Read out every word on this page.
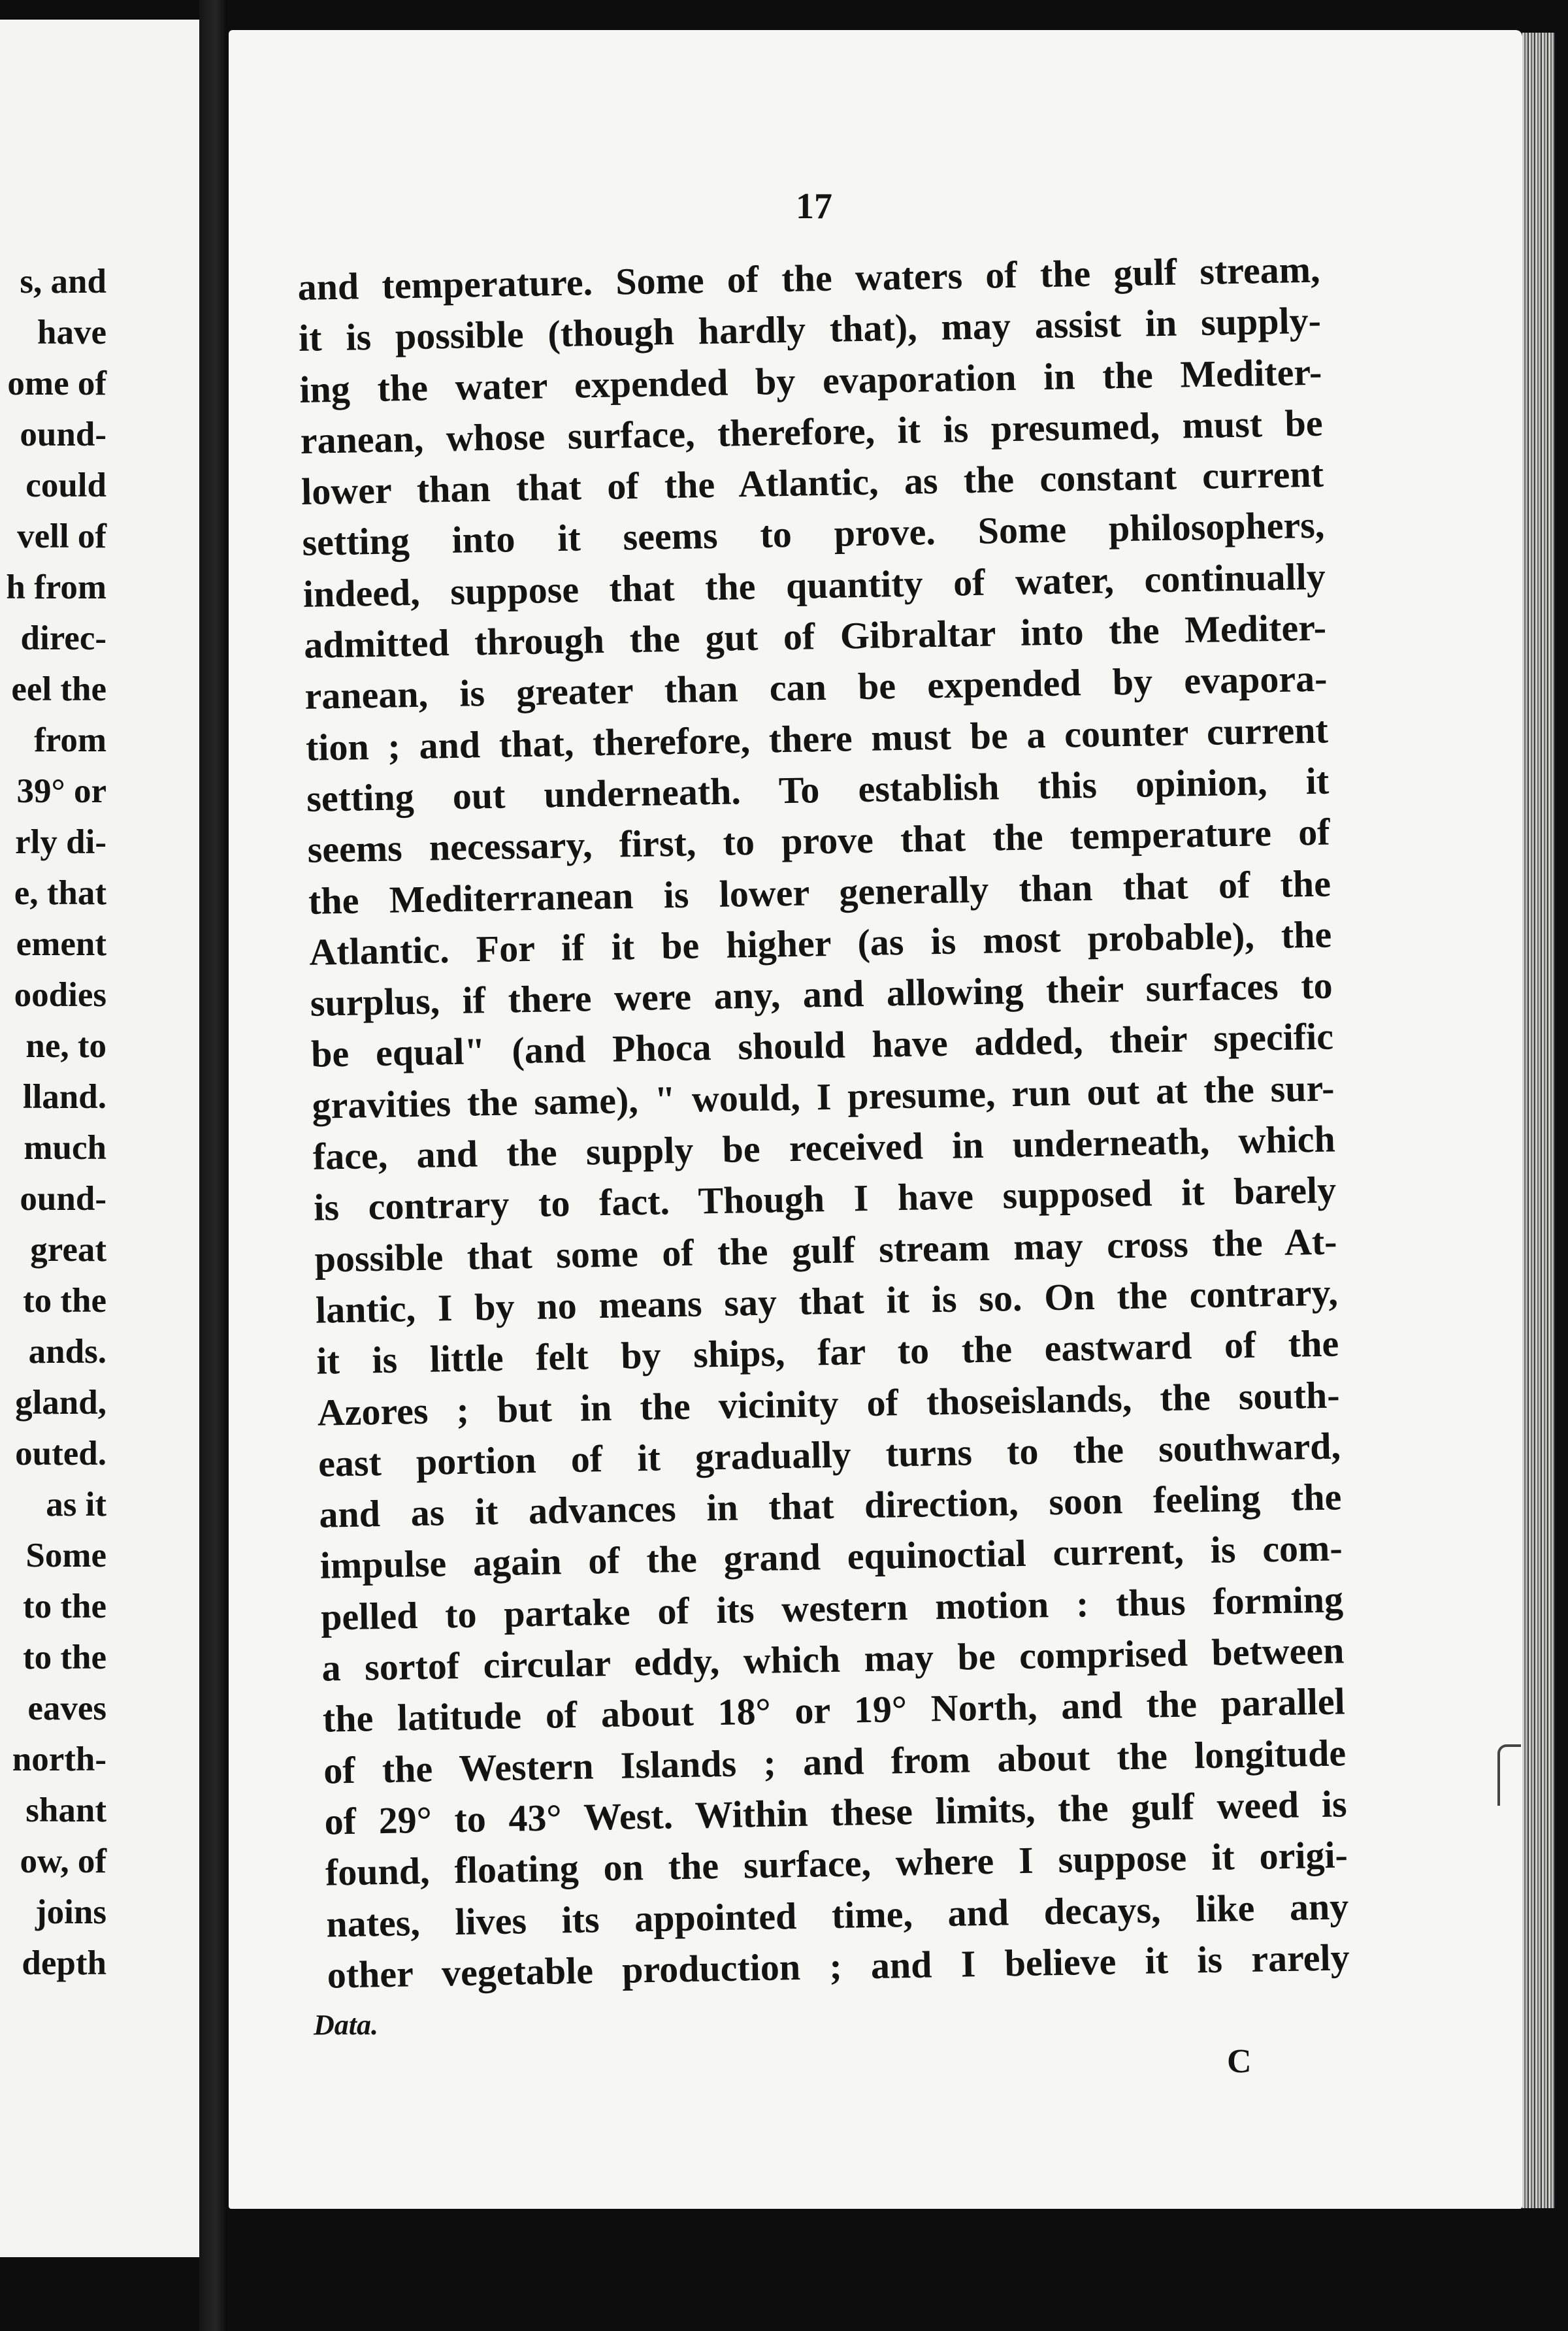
s, and
have
ome of
ound-
could
vell of
h from
direc-
eel the
from
39° or
rly di-
e, that
ement
oodies
ne, to
lland.
much
ound-
great
to the
ands.
gland,
outed.
as it
Some
to the
to the
eaves
north-
shant
ow, of
joins
depth
17
and temperature. Some of the waters of the gulf stream,
it is possible (though hardly that), may assist in supply-
ing the water expended by evaporation in the Mediter-
ranean, whose surface, therefore, it is presumed, must be
lower than that of the Atlantic, as the constant current
setting into it seems to prove. Some philosophers,
indeed, suppose that the quantity of water, continually
admitted through the gut of Gibraltar into the Mediter-
ranean, is greater than can be expended by evapora-
tion ; and that, therefore, there must be a counter current
setting out underneath. To establish this opinion, it
seems necessary, first, to prove that the temperature of
the Mediterranean is lower generally than that of the
Atlantic. For if it be higher (as is most probable), the
surplus, if there were any, and allowing their surfaces to
be equal" (and Phoca should have added, their specific
gravities the same), " would, I presume, run out at the sur-
face, and the supply be received in underneath, which
is contrary to fact. Though I have supposed it barely
possible that some of the gulf stream may cross the At-
lantic, I by no means say that it is so. On the contrary,
it is little felt by ships, far to the eastward of the
Azores ; but in the vicinity of thoseislands, the south-
east portion of it gradually turns to the southward,
and as it advances in that direction, soon feeling the
impulse again of the grand equinoctial current, is com-
pelled to partake of its western motion : thus forming
a sortof circular eddy, which may be comprised between
the latitude of about 18° or 19° North, and the parallel
of the Western Islands ; and from about the longitude
of 29° to 43° West. Within these limits, the gulf weed is
found, floating on the surface, where I suppose it origi-
nates, lives its appointed time, and decays, like any
other vegetable production ; and I believe it is rarely
Data.
C
